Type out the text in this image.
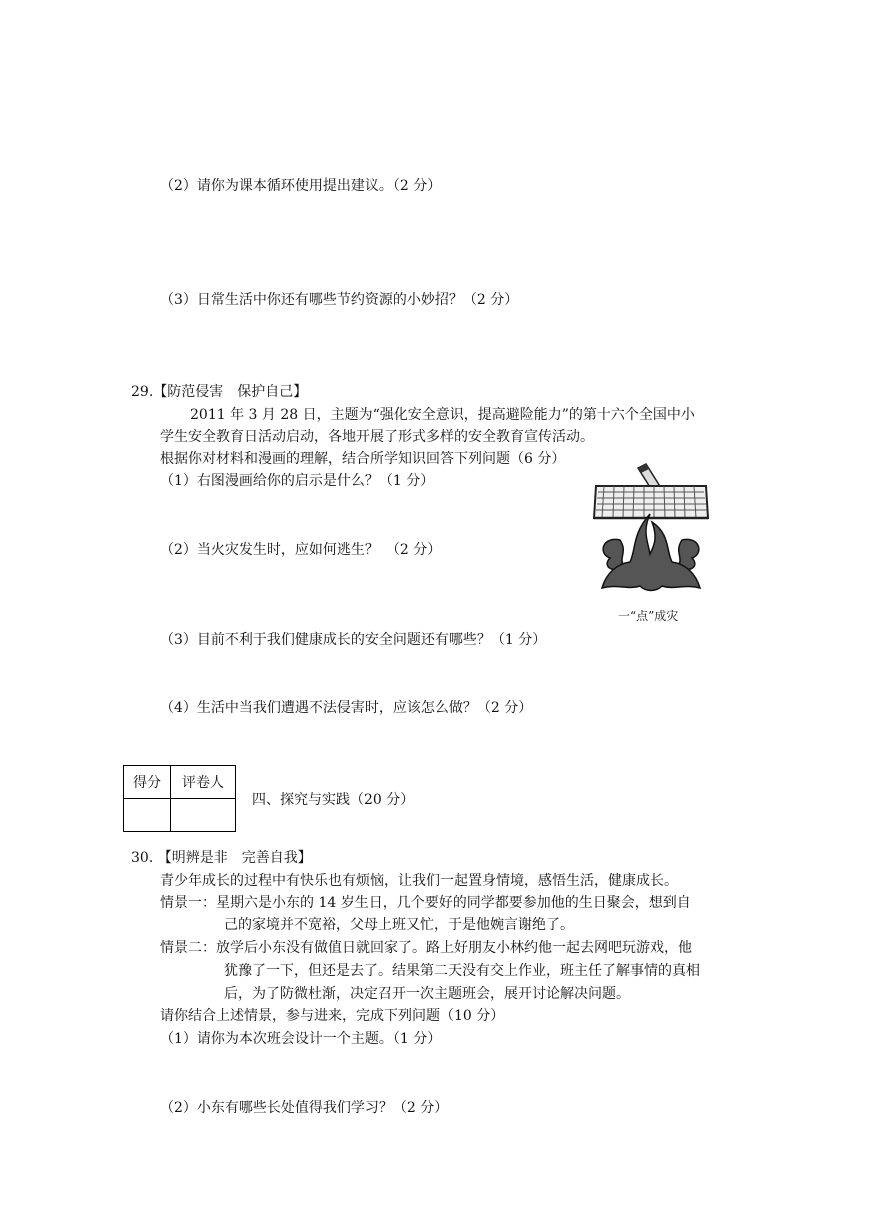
（2）请你为课本循环使用提出建议。（2 分）
（3）日常生活中你还有哪些节约资源的小妙招？（2 分）
29.【防范侵害　保护自己】
2011 年 3 月 28 日，主题为“强化安全意识，提高避险能力”的第十六个全国中小
学生安全教育日活动启动，各地开展了形式多样的安全教育宣传活动。
根据你对材料和漫画的理解，结合所学知识回答下列问题（6 分）
（1）右图漫画给你的启示是什么？（1 分）
（2）当火灾发生时，应如何逃生？　（2 分）
（3）目前不利于我们健康成长的安全问题还有哪些？（1 分）
（4）生活中当我们遭遇不法侵害时，应该怎么做？（2 分）
一“点”成灾
得分	评卷人

四、探究与实践（20 分）
30. 【明辨是非　完善自我】
青少年成长的过程中有快乐也有烦恼，让我们一起置身情境，感悟生活，健康成长。
情景一：星期六是小东的 14 岁生日，几个要好的同学都要参加他的生日聚会，想到自
己的家境并不宽裕，父母上班又忙，于是他婉言谢绝了。
情景二：放学后小东没有做值日就回家了。路上好朋友小林约他一起去网吧玩游戏，他
犹豫了一下，但还是去了。结果第二天没有交上作业，班主任了解事情的真相
后，为了防微杜渐，决定召开一次主题班会，展开讨论解决问题。
请你结合上述情景，参与进来，完成下列问题（10 分）
（1）请你为本次班会设计一个主题。（1 分）
（2）小东有哪些长处值得我们学习？（2 分）
